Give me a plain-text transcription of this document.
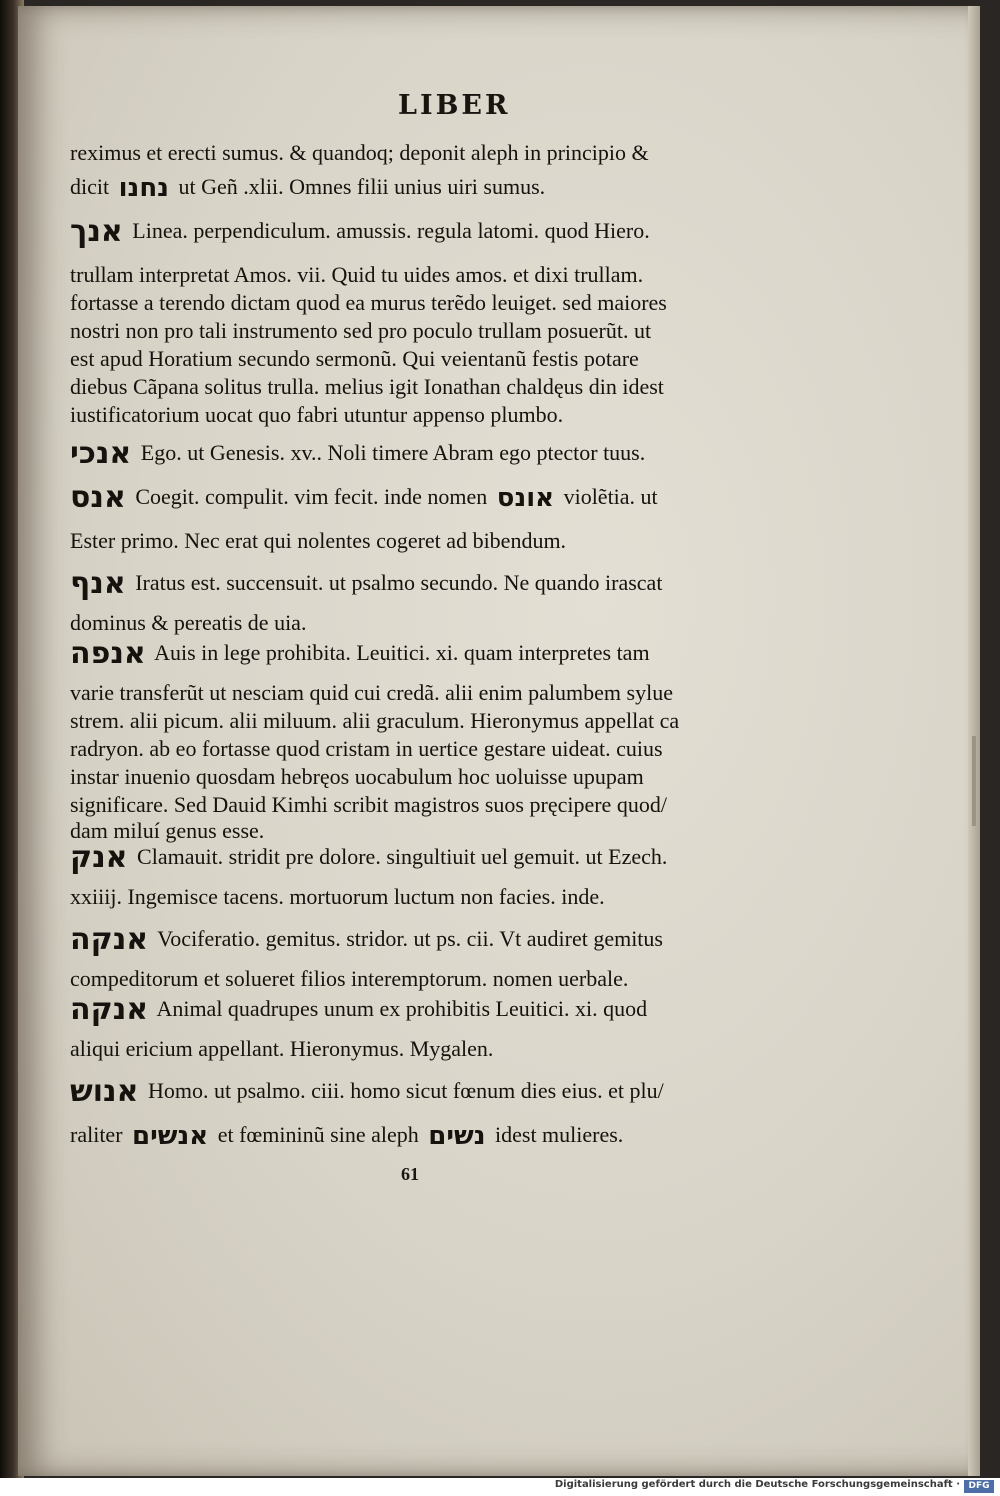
LIBER
reximus et erecti sumus. & quandoq; deponit aleph in principio &
dicit נחנו ut Geñ .xlii. Omnes filii unius uiri sumus.
אנך Linea. perpendiculum. amussis. regula latomi. quod Hiero.
trullam interpretat Amos. vii. Quid tu uides amos. et dixi trullam.
fortasse a terendo dictam quod ea murus terẽdo leuiget. sed maiores
nostri non pro tali instrumento sed pro poculo trullam posuerũt. ut
est apud Horatium secundo sermonũ. Qui veientanũ festis potare
diebus Cãpana solitus trulla. melius igit Ionathan chaldęus din idest
iustificatorium uocat quo fabri utuntur appenso plumbo.
אנכי Ego. ut Genesis. xv.. Noli timere Abram ego ptector tuus.
אנס Coegit. compulit. vim fecit. inde nomen אונס violẽtia. ut
Ester primo. Nec erat qui nolentes cogeret ad bibendum.
אנף Iratus est. succensuit. ut psalmo secundo. Ne quando irascat
dominus & pereatis de uia.
אנפה Auis in lege prohibita. Leuitici. xi. quam interpretes tam
varie transferũt ut nesciam quid cui credã. alii enim palumbem sylue
strem. alii picum. alii miluum. alii graculum. Hieronymus appellat ca
radryon. ab eo fortasse quod cristam in uertice gestare uideat. cuius
instar inuenio quosdam hebręos uocabulum hoc uoluisse upupam
significare. Sed Dauid Kimhi scribit magistros suos pręcipere quod/
dam miluí genus esse.
אנק Clamauit. stridit pre dolore. singultiuit uel gemuit. ut Ezech.
xxiiij. Ingemisce tacens. mortuorum luctum non facies. inde.
אנקה Vociferatio. gemitus. stridor. ut ps. cii. Vt audiret gemitus
compeditorum et solueret filios interemptorum. nomen uerbale.
אנקה Animal quadrupes unum ex prohibitis Leuitici. xi. quod
aliqui ericium appellant. Hieronymus. Mygalen.
אנוש Homo. ut psalmo. ciii. homo sicut fœnum dies eius. et plu/
raliter אנשים et fœmininũ sine aleph נשים idest mulieres.
61
Digitalisierung gefördert durch die Deutsche Forschungsgemeinschaft · DFG
